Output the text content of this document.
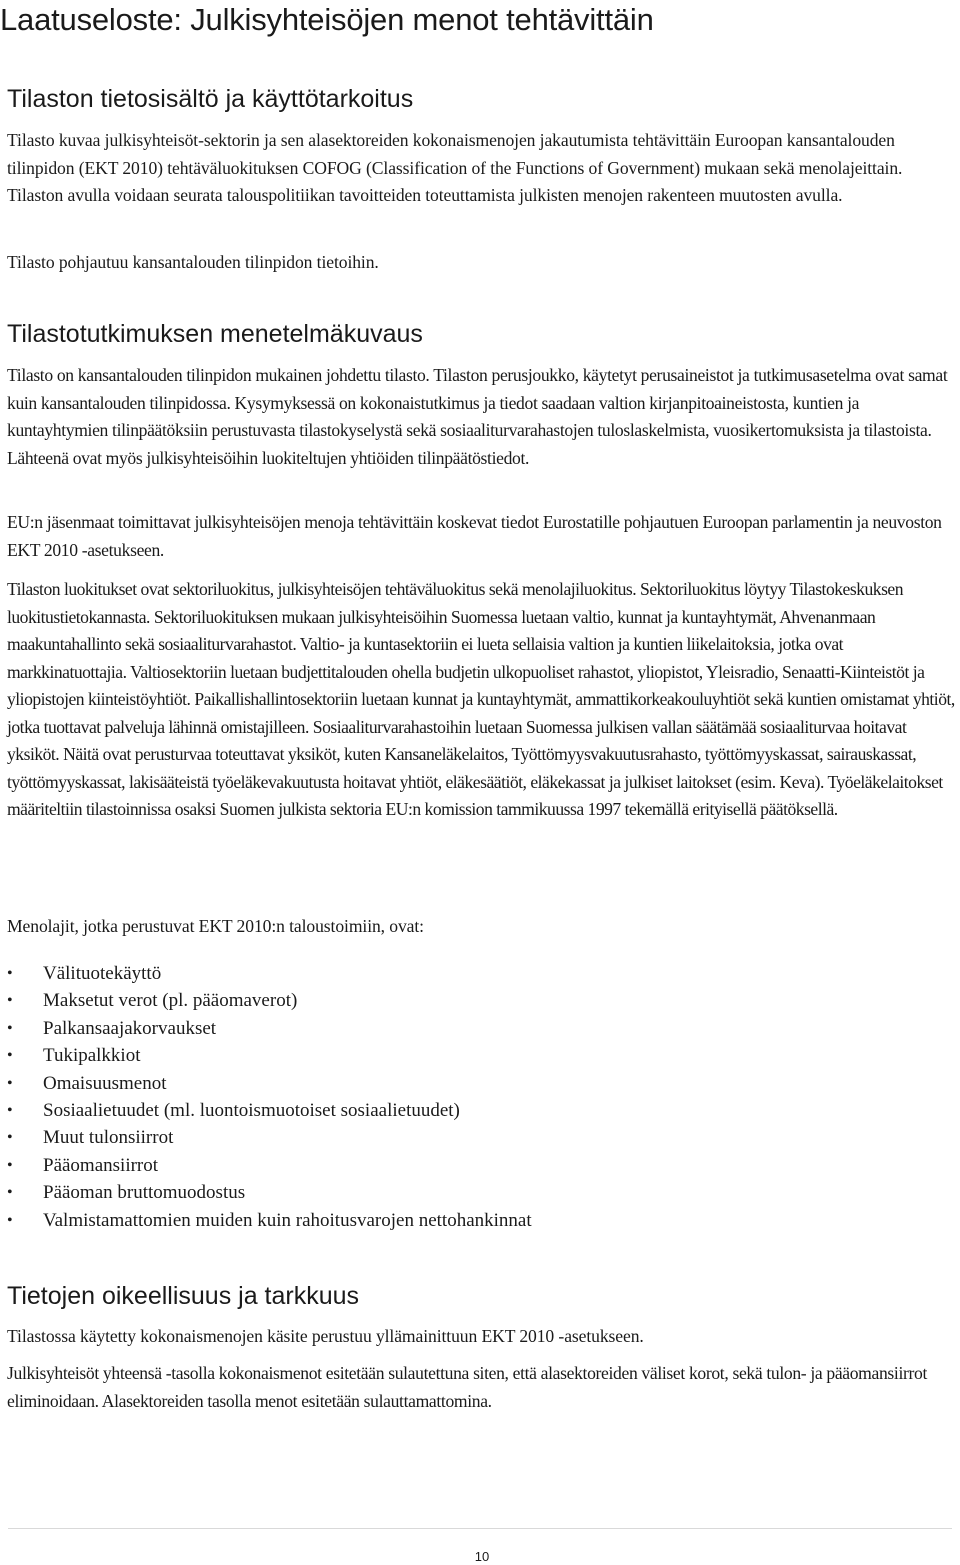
Laatuseloste: Julkisyhteisöjen menot tehtävittäin
Tilaston tietosisältö ja käyttötarkoitus

Tilasto kuvaa julkisyhteisöt-sektorin ja sen alasektoreiden kokonaismenojen jakautumista tehtävittäin Euroopan kansantalouden tilinpidon (EKT 2010) tehtäväluokituksen COFOG (Classification of the Functions of Government) mukaan sekä menolajeittain. Tilaston avulla voidaan seurata talouspolitiikan tavoitteiden toteuttamista julkisten menojen rakenteen muutosten avulla.

Tilasto pohjautuu kansantalouden tilinpidon tietoihin.

Tilastotutkimuksen menetelmäkuvaus

Tilasto on kansantalouden tilinpidon mukainen johdettu tilasto. Tilaston perusjoukko, käytetyt perusaineistot ja tutkimusasetelma ovat samat kuin kansantalouden tilinpidossa. Kysymyksessä on kokonaistutkimus ja tiedot saadaan valtion kirjanpitoaineistosta, kuntien ja kuntayhtymien tilinpäätöksiin perustuvasta tilastokyselystä sekä sosiaaliturvarahastojen tuloslaskelmista, vuosikertomuksista ja tilastoista. Lähteenä ovat myös julkisyhteisöihin luokiteltujen yhtiöiden tilinpäätöstiedot.

EU:n jäsenmaat toimittavat julkisyhteisöjen menoja tehtävittäin koskevat tiedot Eurostatille pohjautuen Euroopan parlamentin ja neuvoston EKT 2010 -asetukseen.

Tilaston luokitukset ovat sektoriluokitus, julkisyhteisöjen tehtäväluokitus sekä menolajiluokitus. Sektoriluokitus löytyy Tilastokeskuksen luokitustietokannasta. Sektoriluokituksen mukaan julkisyhteisöihin Suomessa luetaan valtio, kunnat ja kuntayhtymät, Ahvenanmaan maakuntahallinto sekä sosiaaliturvarahastot. Valtio- ja kuntasektoriin ei lueta sellaisia valtion ja kuntien liikelaitoksia, jotka ovat markkinatuottajia. Valtiosektoriin luetaan budjettitalouden ohella budjetin ulkopuoliset rahastot, yliopistot, Yleisradio, Senaatti-Kiinteistöt ja yliopistojen kiinteistöyhtiöt. Paikallishallintosektoriin luetaan kunnat ja kuntayhtymät, ammattikorkeakouluyhtiöt sekä kuntien omistamat yhtiöt, jotka tuottavat palveluja lähinnä omistajilleen. Sosiaaliturvarahastoihin luetaan Suomessa julkisen vallan säätämää sosiaaliturvaa hoitavat yksiköt. Näitä ovat perusturvaa toteuttavat yksiköt, kuten Kansaneläkelaitos, Työttömyysvakuutusrahasto, työttömyyskassat, sairauskassat, työttömyyskassat, lakisääteistä työeläkevakuutusta hoitavat yhtiöt, eläkesäätiöt, eläkekassat ja julkiset laitokset (esim. Keva). Työeläkelaitokset määriteltiin tilastoinnissa osaksi Suomen julkista sektoria EU:n komission tammikuussa 1997 tekemällä erityisellä päätöksellä.

Menolajit, jotka perustuvat EKT 2010:n taloustoimiin, ovat:

•	Välituotekäyttö
•	Maksetut verot (pl. pääomaverot)
•	Palkansaajakorvaukset
•	Tukipalkkiot
•	Omaisuusmenot
•	Sosiaalietuudet (ml. luontoismuotoiset sosiaalietuudet)
•	Muut tulonsiirrot
•	Pääomansiirrot
•	Pääoman bruttomuodostus
•	Valmistamattomien muiden kuin rahoitusvarojen nettohankinnat
Tietojen oikeellisuus ja tarkkuus

Tilastossa käytetty kokonaismenojen käsite perustuu yllämainittuun EKT 2010 -asetukseen.

Julkisyhteisöt yhteensä -tasolla kokonaismenot esitetään sulautettuna siten, että alasektoreiden väliset korot, sekä tulon- ja pääomansiirrot eliminoidaan. Alasektoreiden tasolla menot esitetään sulauttamattomina.

10
